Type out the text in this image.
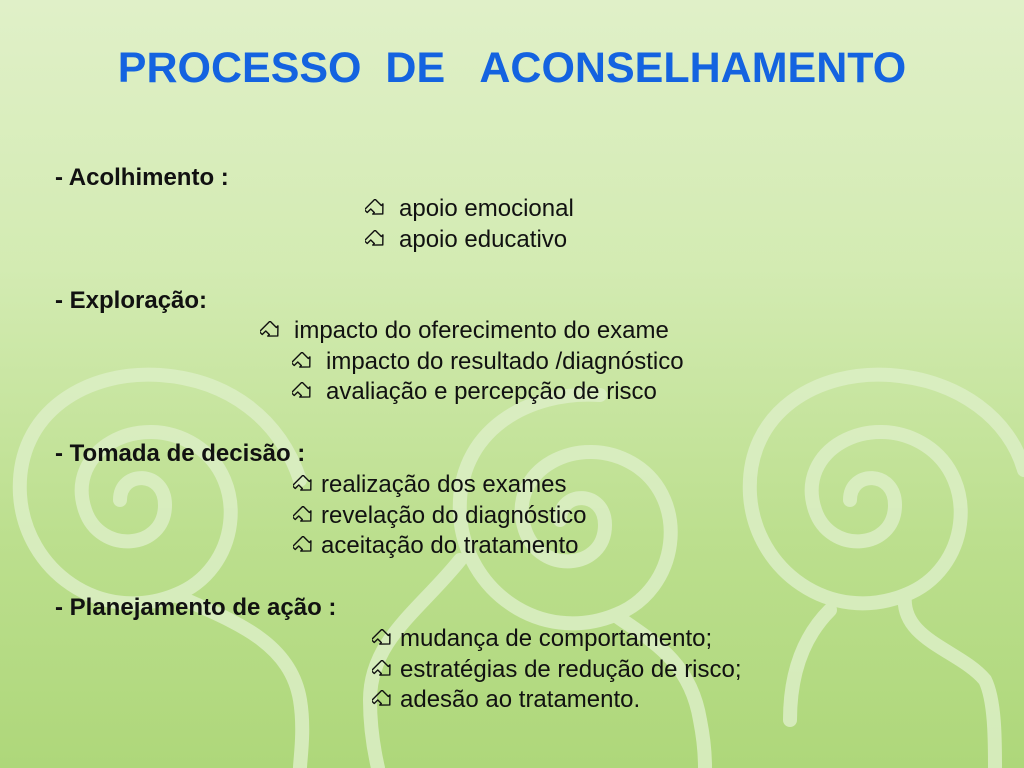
PROCESSO  DE   ACONSELHAMENTO
- Acolhimento :
apoio emocional
apoio educativo
- Exploração:
impacto do oferecimento do exame
impacto do resultado /diagnóstico
avaliação e percepção de risco
- Tomada de decisão :
realização dos exames
revelação do diagnóstico
aceitação do tratamento
- Planejamento de ação :
mudança de comportamento;
estratégias de redução de risco;
adesão ao tratamento.
